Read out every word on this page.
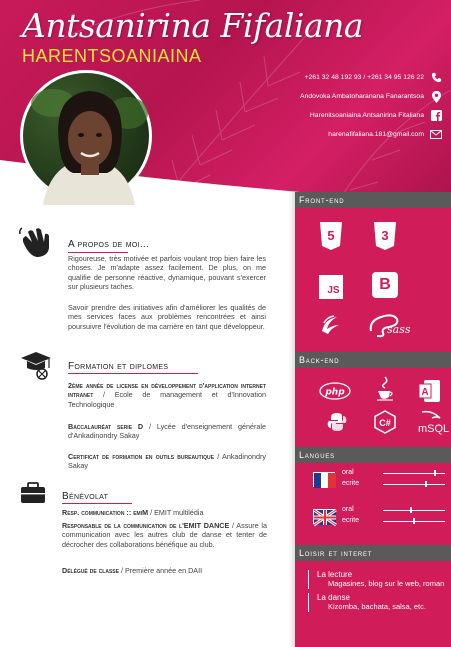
Antsanirina Fifaliana
HARENTSOANIAINA
+261 32 48 192 93 / +261 34 95 126 22
Andovoka Ambatoharanana Fanarantsoa
Harenitsoaniaina Antsanirina Fitaliana
harenafifaliana.181@gmail.com
Front-end
5	3
JS B
sass
Back-end
php	A
C# mSQL
Langues
oral
ecrite
oral
ecrite
Loisir et interet
La lecture
Magasines, blog sur le web, roman
La danse
Kizomba, bachata, salsa, etc.
A propos de moi...
Rigoureuse, très motivée et parfois voulant trop bien faire les choses. Je m'adapte assez facilement. De plus, on me qualifie de personne réactive, dynamique, pouvant s'exercer sur plusieurs taches.
Savoir prendre des initiatives afin d'améliorer les qualités de mes services faces aux problèmes rencontrées et ainsi poursuivre l'évolution de ma carrière en tant que développeur.
Formation et diplomes
2ème année de license en développement d'application internet intranet / Ecole de management et d'Innovation Technologique
Baccalauréat serie D / Lycée d'enseignement générale d'Ankadinondry Sakay
Certificat de formation en outils bureautique / Ankadinondry Sakay
Bénévolat
Resp. communication :: emiM / EMIT multilédia
Responsable de la communication de l'EMIT DANCE / Assure la communication avec les autres club de danse et tenter de décrocher des collaborations bénéfique au club.
Délégué de classe / Première année en DAII
